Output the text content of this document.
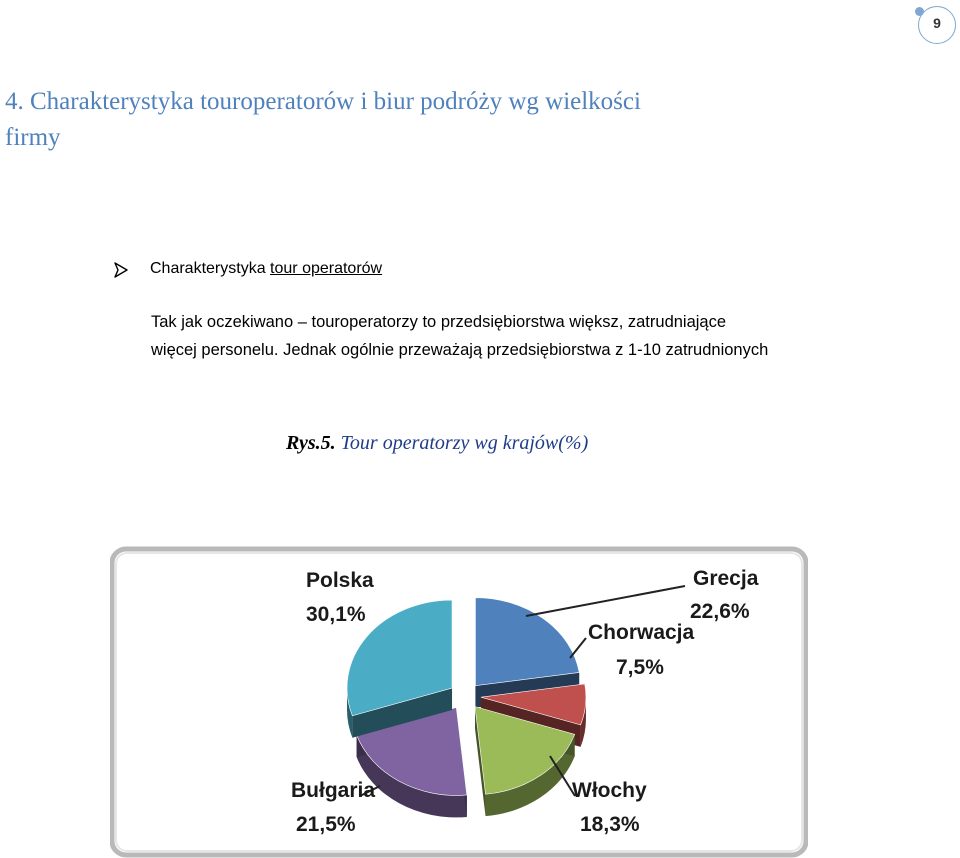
9
4. Charakterystyka touroperatorów i biur podróży wg wielkości
firmy
Charakterystyka tour operatorów
Tak jak oczekiwano – touroperatorzy to przedsiębiorstwa większ, zatrudniające
więcej personelu. Jednak ogólnie przeważają przedsiębiorstwa z 1-10 zatrudnionych
Rys.5. Tour operatorzy wg krajów(%)
Grecja
22,6%
Chorwacja
7,5%
Włochy
18,3%
Bułgaria
21,5%
Polska
30,1%
